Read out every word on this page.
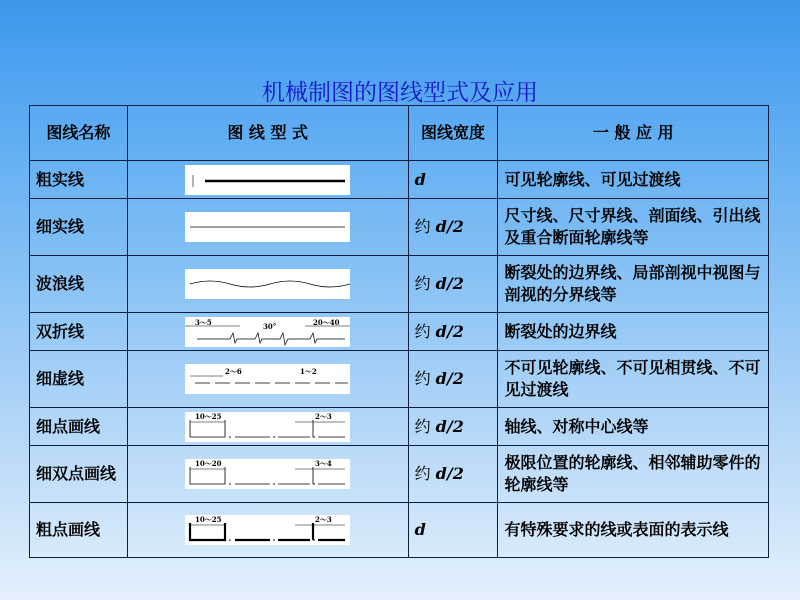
机械制图的图线型式及应用
图线名称	图 线 型 式	图线宽度	一 般 应 用
粗实线		d	可见轮廓线、可见过渡线
细实线		约 d/2	尺寸线、尺寸界线、剖面线、引出线及重合断面轮廓线等
波浪线		约 d/2	断裂处的边界线、局部剖视中视图与剖视的分界线等
双折线	3～5 30° 20～40	约 d/2	断裂处的边界线
细虚线	2～6 1～2	约 d/2	不可见轮廓线、不可见相贯线、不可见过渡线
细点画线	10～25 2～3	约 d/2	轴线、对称中心线等
细双点画线	10～20 3～4	约 d/2	极限位置的轮廓线、相邻辅助零件的轮廓线等
粗点画线	10～25 2～3	d	有特殊要求的线或表面的表示线
